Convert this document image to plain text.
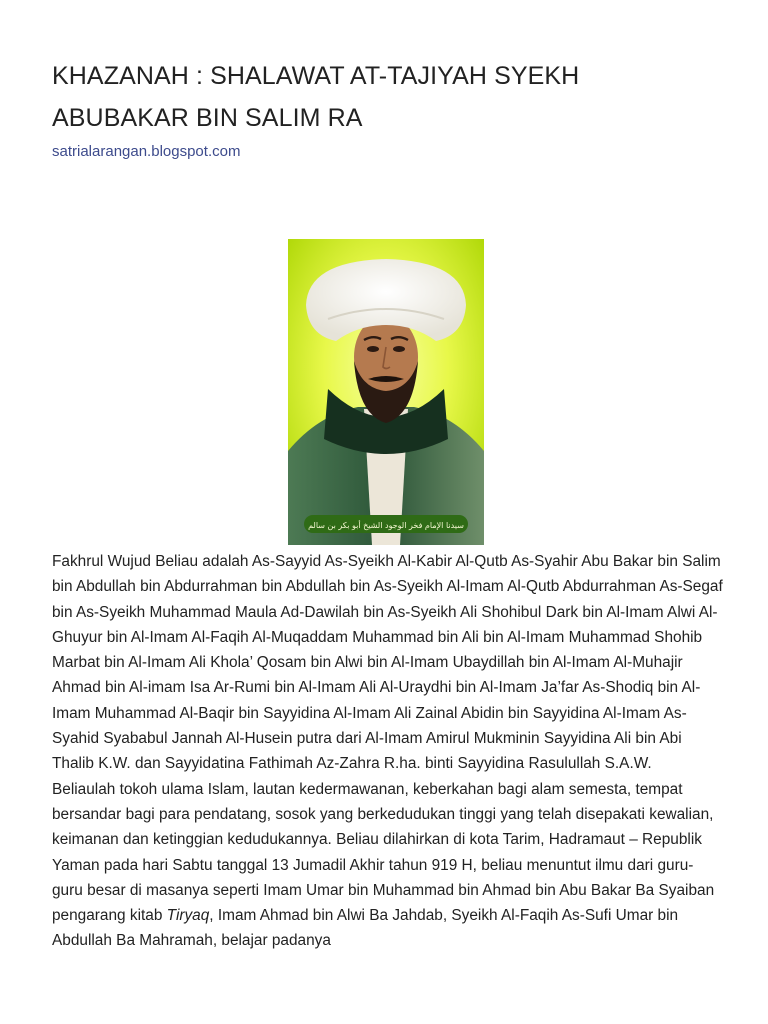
KHAZANAH : SHALAWAT AT-TAJIYAH SYEKH ABUBAKAR BIN SALIM RA
satrialarangan.blogspot.com
سيدنا الإمام فخر الوجود الشيخ أبو بكر بن سالم

Fakhrul Wujud Beliau adalah As-Sayyid As-Syeikh Al-Kabir Al-Qutb As-Syahir Abu Bakar bin Salim bin Abdullah bin Abdurrahman bin Abdullah bin As-Syeikh Al-Imam Al-Qutb Abdurrahman As-Segaf bin As-Syeikh Muhammad Maula Ad-Dawilah bin As-Syeikh Ali Shohibul Dark bin Al-Imam Alwi Al-Ghuyur bin Al-Imam Al-Faqih Al-Muqaddam Muhammad bin Ali bin Al-Imam Muhammad Shohib Marbat bin Al-Imam Ali Khola’ Qosam bin Alwi bin Al-Imam Ubaydillah bin Al-Imam Al-Muhajir Ahmad bin Al-imam Isa Ar-Rumi bin Al-Imam Ali Al-Uraydhi bin Al-Imam Ja’far As-Shodiq bin Al-Imam Muhammad Al-Baqir bin Sayyidina Al-Imam Ali Zainal Abidin bin Sayyidina Al-Imam As-Syahid Syababul Jannah Al-Husein putra dari Al-Imam Amirul Mukminin Sayyidina Ali bin Abi Thalib K.W. dan Sayyidatina Fathimah Az-Zahra R.ha. binti Sayyidina Rasulullah S.A.W.

Beliaulah tokoh ulama Islam, lautan kedermawanan, keberkahan bagi alam semesta, tempat bersandar bagi para pendatang, sosok yang berkedudukan tinggi yang telah disepakati kewalian, keimanan dan ketinggian kedudukannya. Beliau dilahirkan di kota Tarim, Hadramaut – Republik Yaman pada hari Sabtu tanggal 13 Jumadil Akhir tahun 919 H, beliau menuntut ilmu dari guru-guru besar di masanya seperti Imam Umar bin Muhammad bin Ahmad bin Abu Bakar Ba Syaiban pengarang kitab Tiryaq, Imam Ahmad bin Alwi Ba Jahdab, Syeikh Al-Faqih As-Sufi Umar bin Abdullah Ba Mahramah, belajar padanya
